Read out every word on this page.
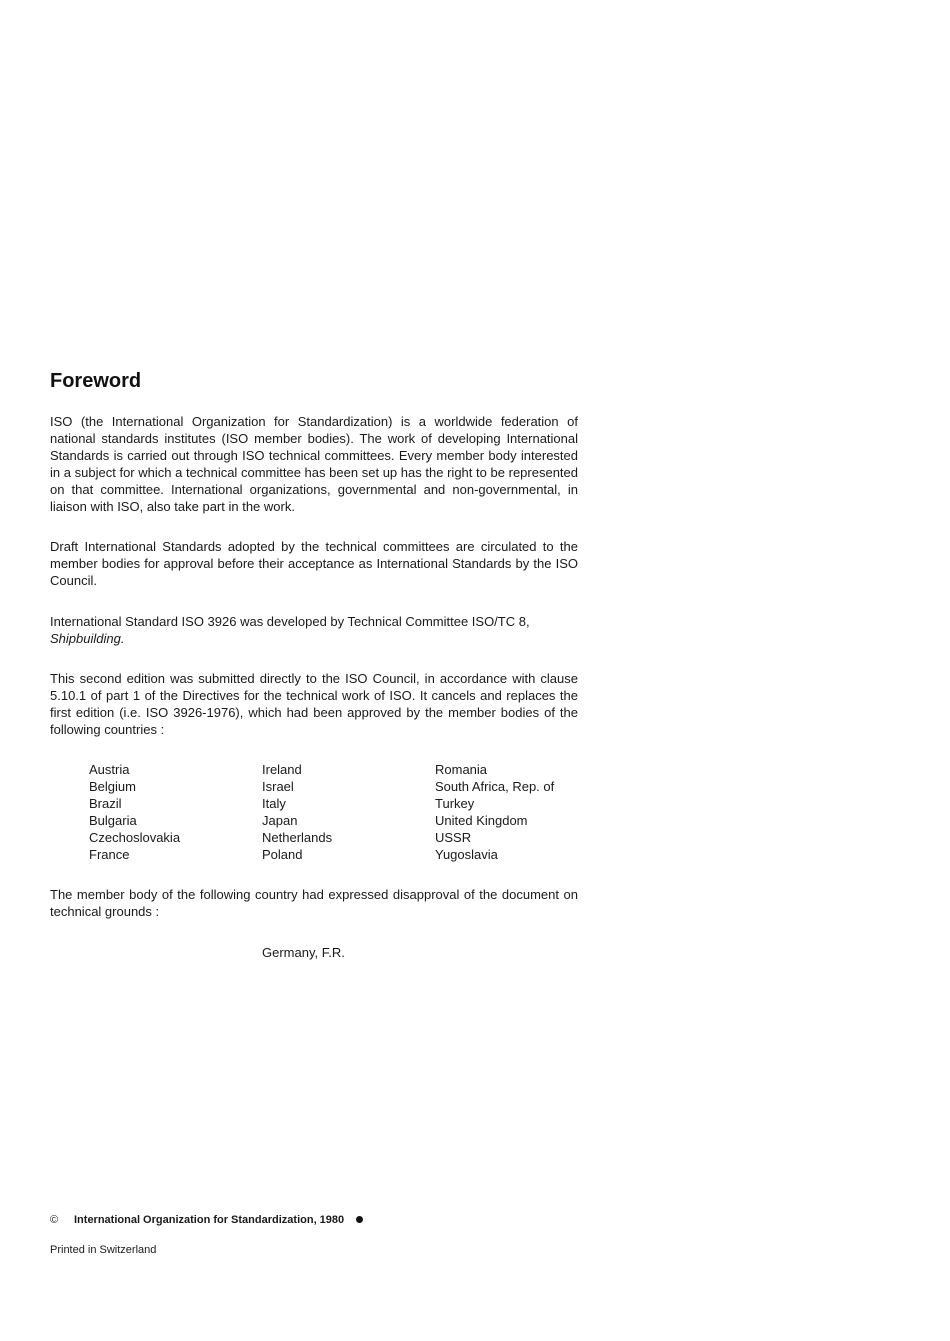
Foreword

ISO (the International Organization for Standardization) is a worldwide federation of national standards institutes (ISO member bodies). The work of developing International Standards is carried out through ISO technical committees. Every member body interested in a subject for which a technical committee has been set up has the right to be represented on that committee. International organizations, governmental and non-governmental, in liaison with ISO, also take part in the work.

Draft International Standards adopted by the technical committees are circulated to the member bodies for approval before their acceptance as International Standards by the ISO Council.

International Standard ISO 3926 was developed by Technical Committee ISO/TC 8,
Shipbuilding.

This second edition was submitted directly to the ISO Council, in accordance with clause 5.10.1 of part 1 of the Directives for the technical work of ISO. It cancels and replaces the first edition (i.e. ISO 3926-1976), which had been approved by the member bodies of the following countries :

Austria
Belgium
Brazil
Bulgaria
Czechoslovakia
France
Ireland
Israel
Italy
Japan
Netherlands
Poland
Romania
South Africa, Rep. of
Turkey
United Kingdom
USSR
Yugoslavia

The member body of the following country had expressed disapproval of the document on technical grounds :

Germany, F.R.

© International Organization for Standardization, 1980
Printed in Switzerland
